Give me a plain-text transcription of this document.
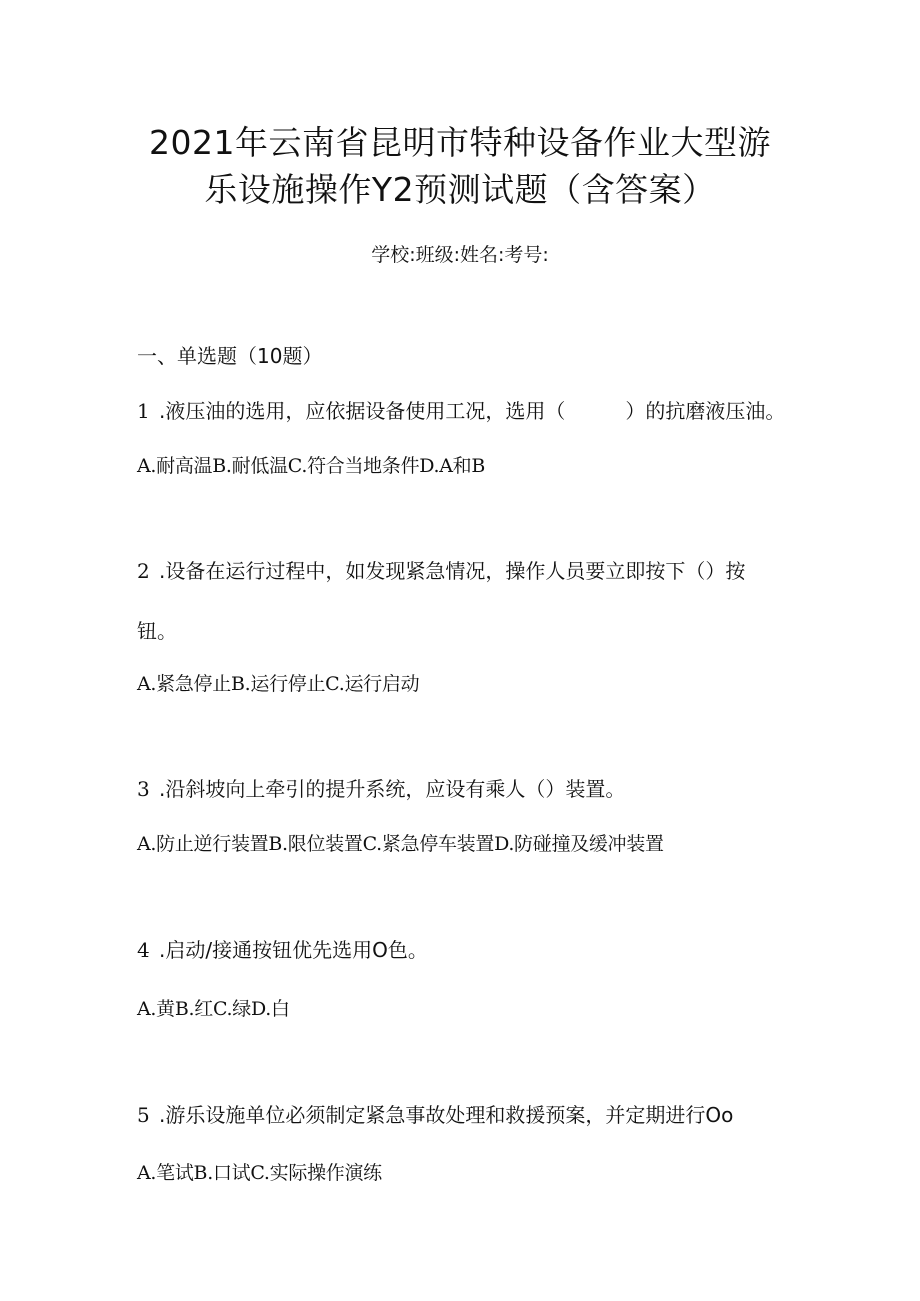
2021年云南省昆明市特种设备作业大型游
乐设施操作Y2预测试题（含答案）
学校:班级:姓名:考号:
一、单选题（10题）
1 .液压油的选用，应依据设备使用工况，选用（　　　）的抗磨液压油。
A.耐高温B.耐低温C.符合当地条件D.A和B
2 .设备在运行过程中，如发现紧急情况，操作人员要立即按下（）按
钮。
A.紧急停止B.运行停止C.运行启动
3 .沿斜坡向上牵引的提升系统，应设有乘人（）装置。
A.防止逆行装置B.限位装置C.紧急停车装置D.防碰撞及缓冲装置
4 .启动/接通按钮优先选用O色。
A.黄B.红C.绿D.白
5 .游乐设施单位必须制定紧急事故处理和救援预案，并定期进行Oo
A.笔试B.口试C.实际操作演练
